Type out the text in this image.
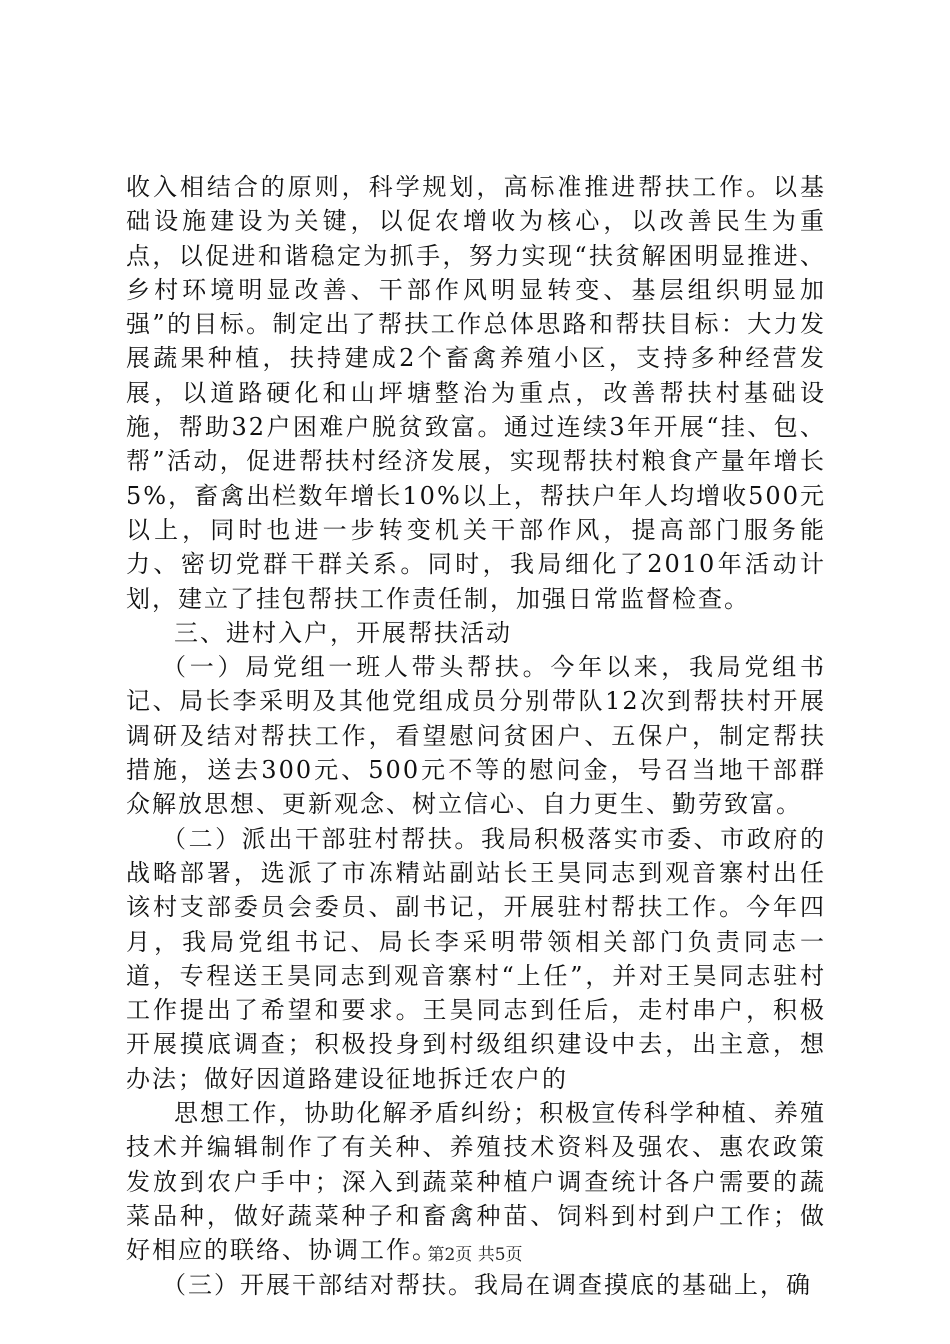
收入相结合的原则，科学规划，高标准推进帮扶工作。以基础设施建设为关键，以促农增收为核心，以改善民生为重点，以促进和谐稳定为抓手，努力实现“扶贫解困明显推进、乡村环境明显改善、干部作风明显转变、基层组织明显加强”的目标。制定出了帮扶工作总体思路和帮扶目标：大力发展蔬果种植，扶持建成2个畜禽养殖小区，支持多种经营发展，以道路硬化和山坪塘整治为重点，改善帮扶村基础设施，帮助32户困难户脱贫致富。通过连续3年开展“挂、包、帮”活动，促进帮扶村经济发展，实现帮扶村粮食产量年增长5%，畜禽出栏数年增长10%以上，帮扶户年人均增收500元以上，同时也进一步转变机关干部作风，提高部门服务能力、密切党群干群关系。同时，我局细化了2010年活动计划，建立了挂包帮扶工作责任制，加强日常监督检查。

三、进村入户，开展帮扶活动

（一）局党组一班人带头帮扶。今年以来，我局党组书记、局长李采明及其他党组成员分别带队12次到帮扶村开展调研及结对帮扶工作，看望慰问贫困户、五保户，制定帮扶措施，送去300元、500元不等的慰问金，号召当地干部群众解放思想、更新观念、树立信心、自力更生、勤劳致富。

（二）派出干部驻村帮扶。我局积极落实市委、市政府的战略部署，选派了市冻精站副站长王昊同志到观音寨村出任该村支部委员会委员、副书记，开展驻村帮扶工作。今年四月，我局党组书记、局长李采明带领相关部门负责同志一道，专程送王昊同志到观音寨村“上任”，并对王昊同志驻村工作提出了希望和要求。王昊同志到任后，走村串户，积极开展摸底调查；积极投身到村级组织建设中去，出主意，想办法；做好因道路建设征地拆迁农户的

思想工作，协助化解矛盾纠纷；积极宣传科学种植、养殖技术并编辑制作了有关种、养殖技术资料及强农、惠农政策发放到农户手中；深入到蔬菜种植户调查统计各户需要的蔬菜品种，做好蔬菜种子和畜禽种苗、饲料到村到户工作；做好相应的联络、协调工作。

（三）开展干部结对帮扶。我局在调查摸底的基础上，确

第2页 共5页
